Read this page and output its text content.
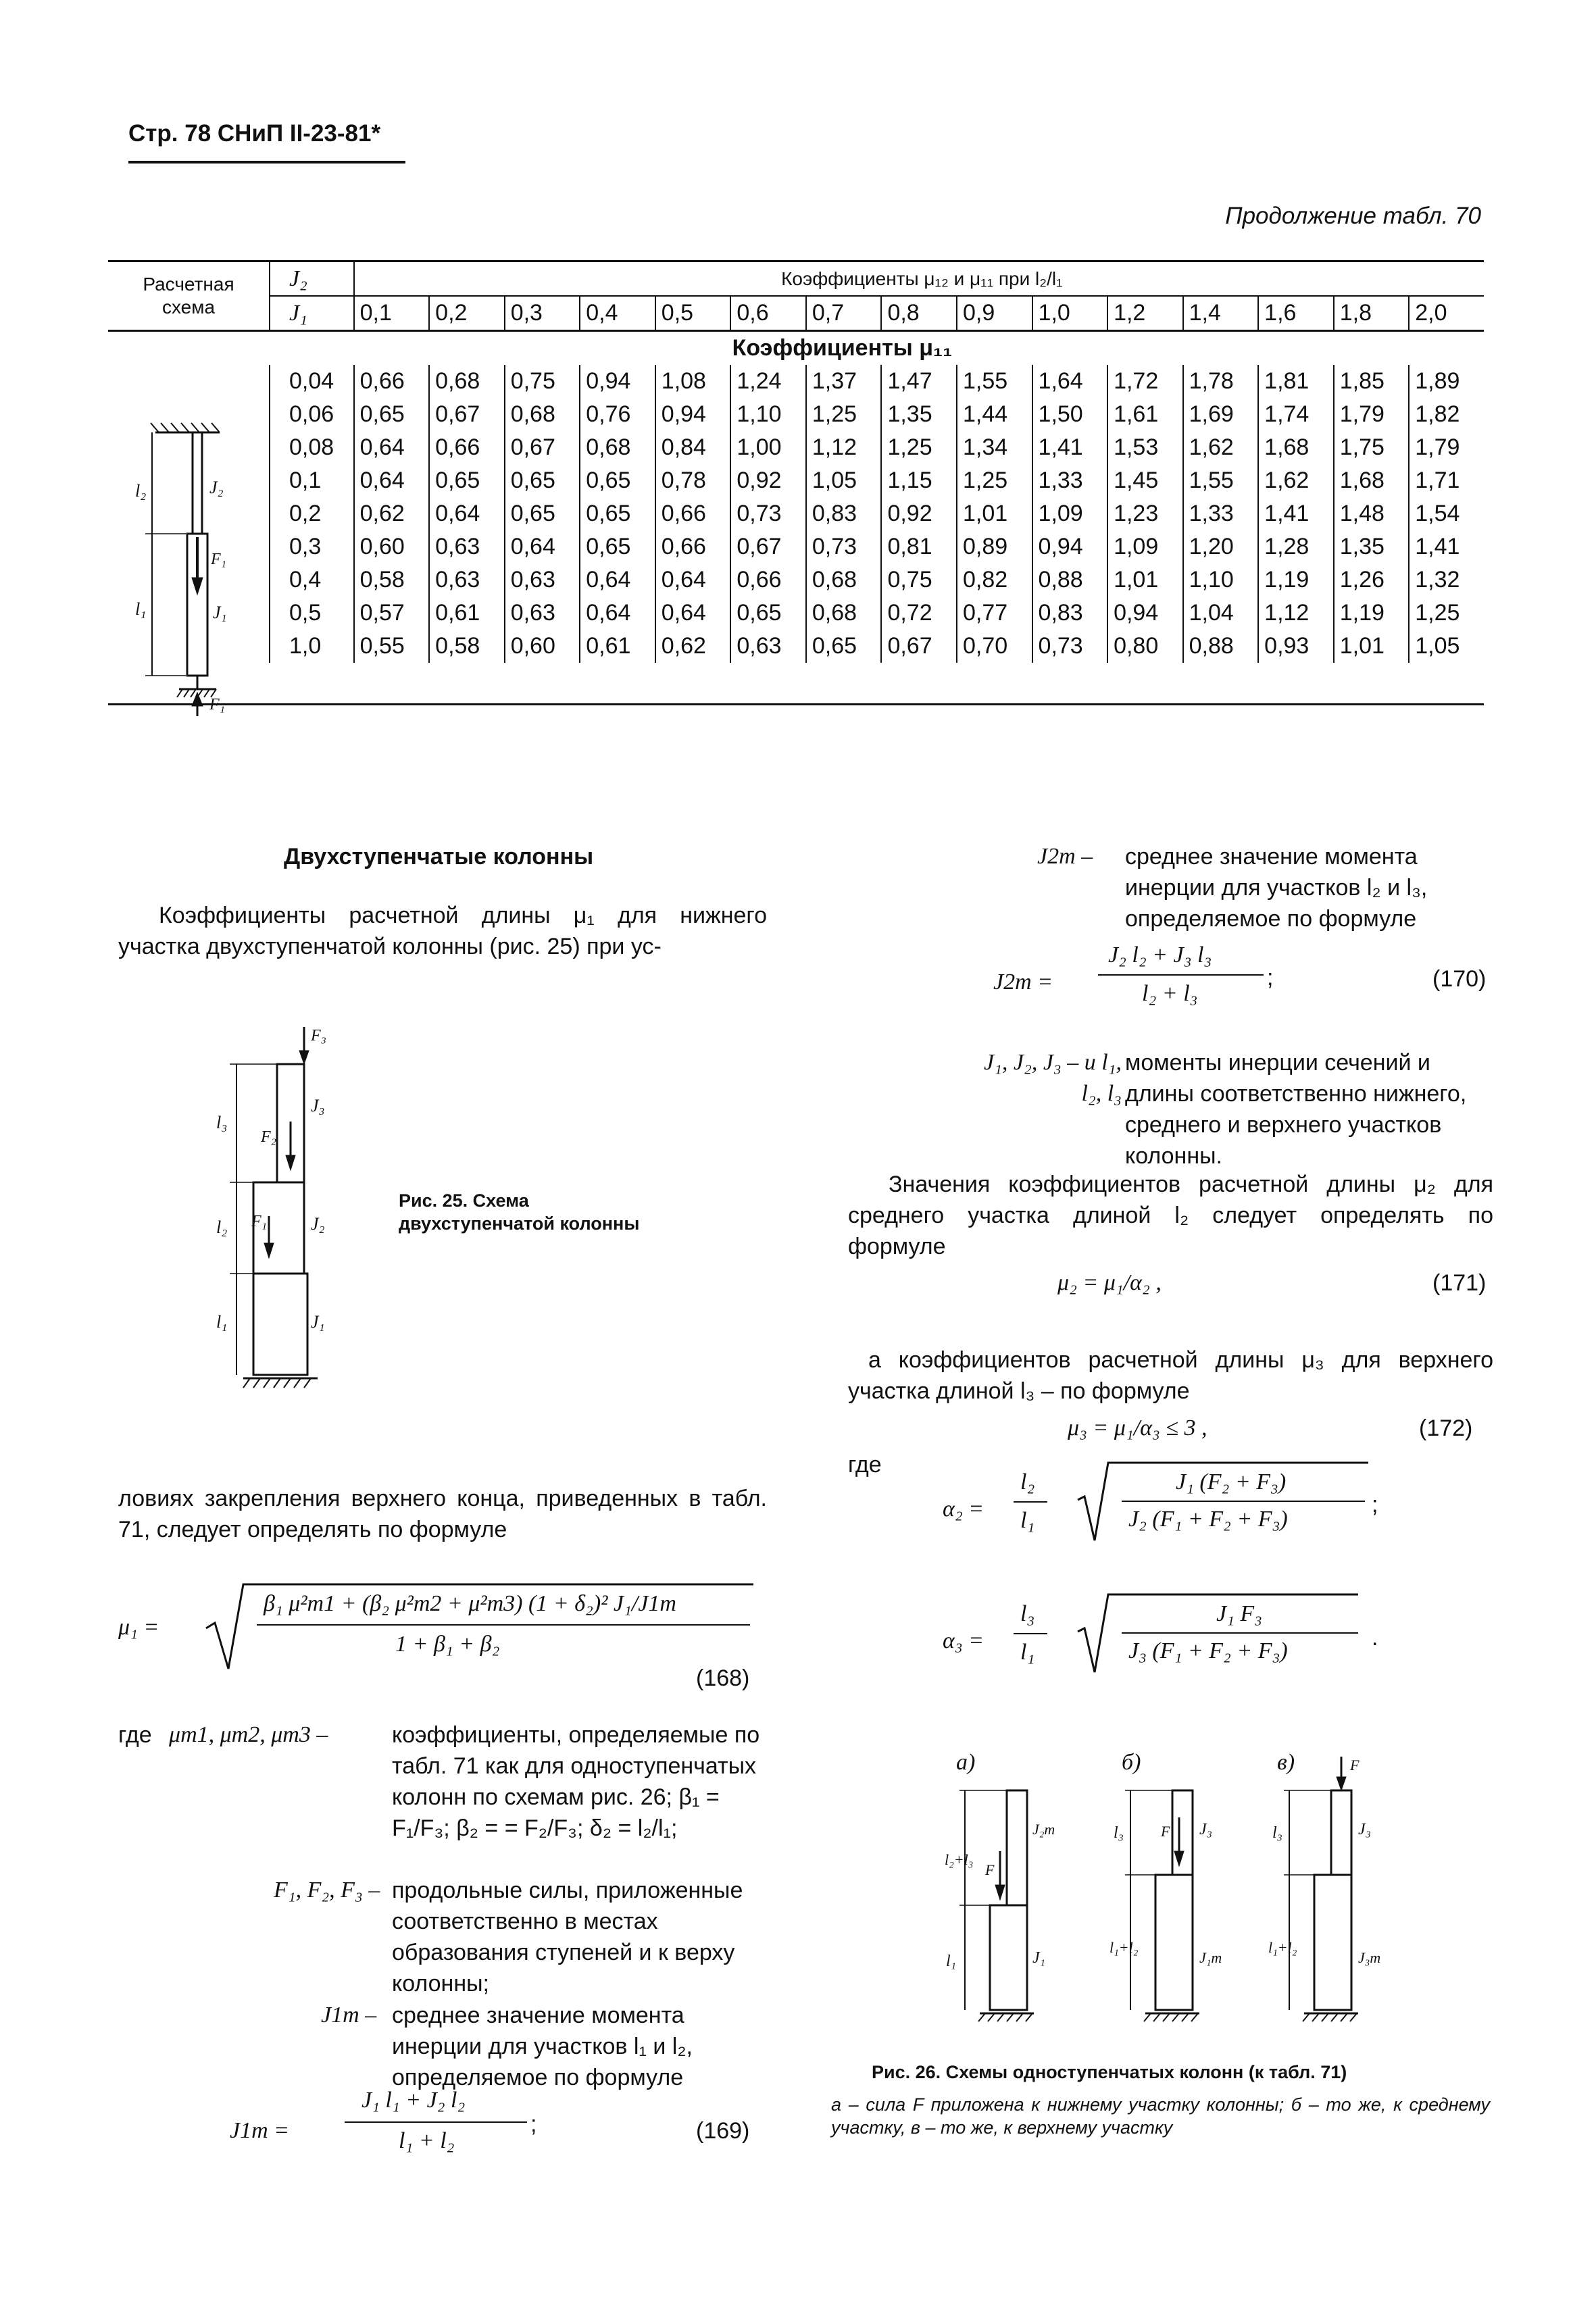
Стр. 78 СНиП II-23-81*
Продолжение табл. 70
Расчетная схема	J₂	Коэффициенты μ₁₂ и μ₁₁ при l₂/l₁														
	J₁	0,1	0,2	0,3	0,4	0,5	0,6	0,7	0,8	0,9	1,0	1,2	1,4	1,6	1,8	2,0
		Коэффициенты μ₁₁														
	0,04	0,66	0,68	0,75	0,94	1,08	1,24	1,37	1,47	1,55	1,64	1,72	1,78	1,81	1,85	1,89
	0,06	0,65	0,67	0,68	0,76	0,94	1,10	1,25	1,35	1,44	1,50	1,61	1,69	1,74	1,79	1,82
	0,08	0,64	0,66	0,67	0,68	0,84	1,00	1,12	1,25	1,34	1,41	1,53	1,62	1,68	1,75	1,79
	0,1	0,64	0,65	0,65	0,65	0,78	0,92	1,05	1,15	1,25	1,33	1,45	1,55	1,62	1,68	1,71
	0,2	0,62	0,64	0,65	0,65	0,66	0,73	0,83	0,92	1,01	1,09	1,23	1,33	1,41	1,48	1,54
	0,3	0,60	0,63	0,64	0,65	0,66	0,67	0,73	0,81	0,89	0,94	1,09	1,20	1,28	1,35	1,41
	0,4	0,58	0,63	0,63	0,64	0,64	0,66	0,68	0,75	0,82	0,88	1,01	1,10	1,19	1,26	1,32
	0,5	0,57	0,61	0,63	0,64	0,64	0,65	0,68	0,72	0,77	0,83	0,94	1,04	1,12	1,19	1,25
	1,0	0,55	0,58	0,60	0,61	0,62	0,63	0,65	0,67	0,70	0,73	0,80	0,88	0,93	1,01	1,05

l₂
l₁
J₂
J₁
F₁
F₁
Двухступенчатые колонны
Коэффициенты расчетной длины μ₁ для нижнего участка двухступенчатой колонны (рис. 25) при ус-
F₃
J₃
J₂
J₁
F₂
F₁
l₃
l₂
l₁
Рис. 25. Схема двухступенчатой колонны
ловиях закрепления верхнего конца, приведенных в табл. 71, следует определять по формуле
μ₁ =
β₁ μ²m1 + (β₂ μ²m2 + μ²m3) (1 + δ₂)² J₁/J1m
1 + β₁ + β₂
(168)
где μm1, μm2, μm3 –	коэффициенты, определяемые по табл. 71 как для одноступенчатых колонн по схемам рис. 26; β₁ = F₁/F₃; β₂ = = F₂/F₃; δ₂ = l₂/l₁;
F₁, F₂, F₃ – продольные силы, приложенные соответственно в местах образования ступеней и к верху колонны;
J1m – среднее значение момента инерции для участков l₁ и l₂, определяемое по формуле
J1m =
J₁ l₁ + J₂ l₂
;
l₁ + l₂	(169)
J2m – среднее значение момента инерции для участков l₂ и l₃, определяемое по формуле
J2m =
J₂ l₂ + J₃ l₃
;
l₂ + l₃
(170)
J₁, J₂, J₃ – и l₁, l₂, l₃
моменты инерции сечений и длины соответственно нижнего, среднего и верхнего участков колонны.
Значения коэффициентов расчетной длины μ₂ для среднего участка длиной l₂ следует определять по формуле
μ₂ = μ₁/α₂ ,	(171)
а коэффициентов расчетной длины μ₃ для верхнего участка длиной l₃ – по формуле
μ₃ = μ₁/α₃ ≤ 3 ,	(172)
где
α₂ =
l₂
l₁
J₁ (F₂ + F₃)
J₂ (F₁ + F₂ + F₃)
;
α₃ =
l₃
l₁
J₁ F₃
J₃ (F₁ + F₂ + F₃)
.
а)	б)	в)
l₂+l₃
l₁
J₂m
J₁
F
l₃
l₁+l₂
J₃
J₁m
F	l₃
l₁+l₂
J₃
J₃m
F
Рис. 26. Схемы одноступенчатых колонн (к табл. 71)
а – сила F приложена к нижнему участку колонны; б – то же, к среднему участку, в – то же, к верхнему участку
